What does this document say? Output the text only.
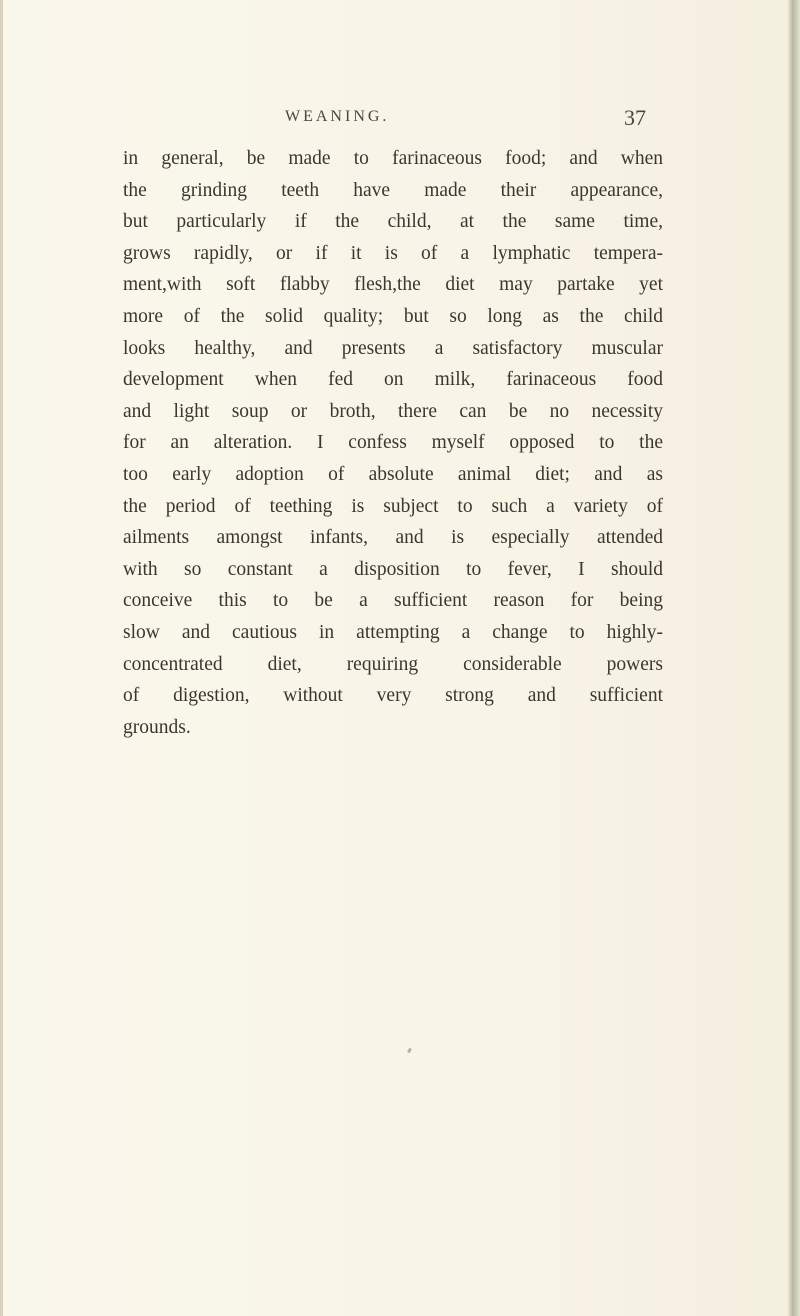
WEANING.	37
in general, be made to farinaceous food; and when
the grinding teeth have made their appearance,
but particularly if the child, at the same time,
grows rapidly, or if it is of a lymphatic tempera-
ment,with soft flabby flesh,the diet may partake yet
more of the solid quality; but so long as the child
looks healthy, and presents a satisfactory muscular
development when fed on milk, farinaceous food
and light soup or broth, there can be no necessity
for an alteration. I confess myself opposed to the
too early adoption of absolute animal diet; and as
the period of teething is subject to such a variety of
ailments amongst infants, and is especially attended
with so constant a disposition to fever, I should
conceive this to be a sufficient reason for being
slow and cautious in attempting a change to highly-
concentrated diet, requiring considerable powers
of digestion, without very strong and sufficient
grounds.
